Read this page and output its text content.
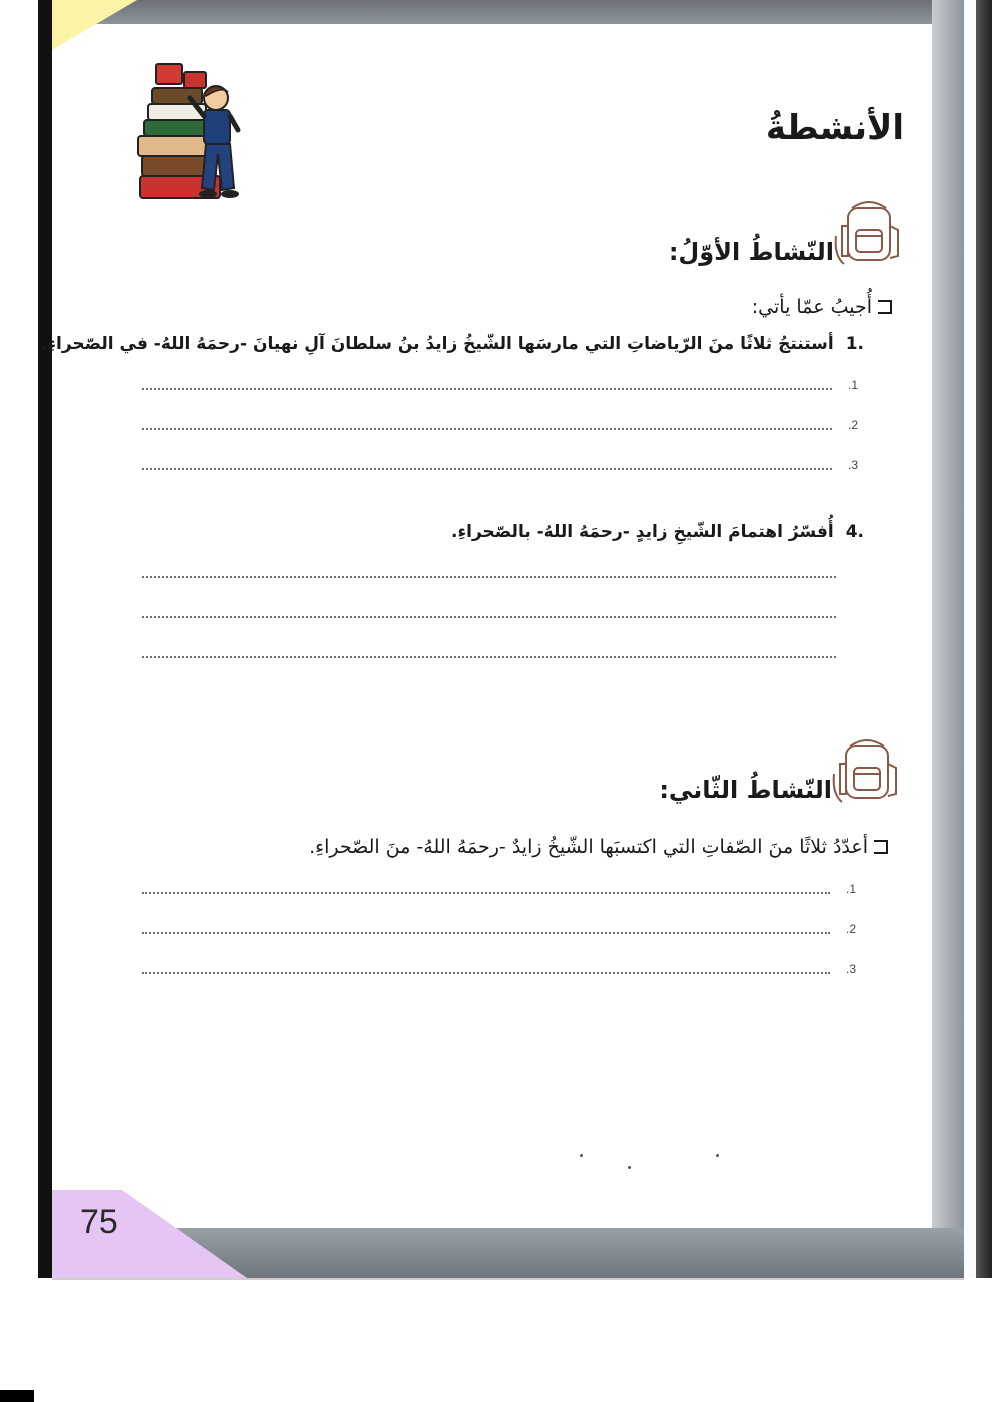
75
الأنشطةُ
النّشاطُ الأوّلُ:
أُجيبُ عمّا يأتي:
.1أستنتجُ ثلاثًا منَ الرّياضاتِ التي مارسَها الشّيخُ زايدُ بنُ سلطانَ آلِ نهيانَ -رحمَهُ اللهُ- في الصّحراءِ.
.1
.2
.3
.4أُفسّرُ اهتمامَ الشّيخِ زايدٍ -رحمَهُ اللهُ- بالصّحراءِ.
النّشاطُ الثّاني:
أعدّدُ ثلاثًا منَ الصّفاتِ التي اكتسبَها الشّيخُ زايدٌ -رحمَهُ اللهُ- منَ الصّحراءِ.
.1
.2
.3
